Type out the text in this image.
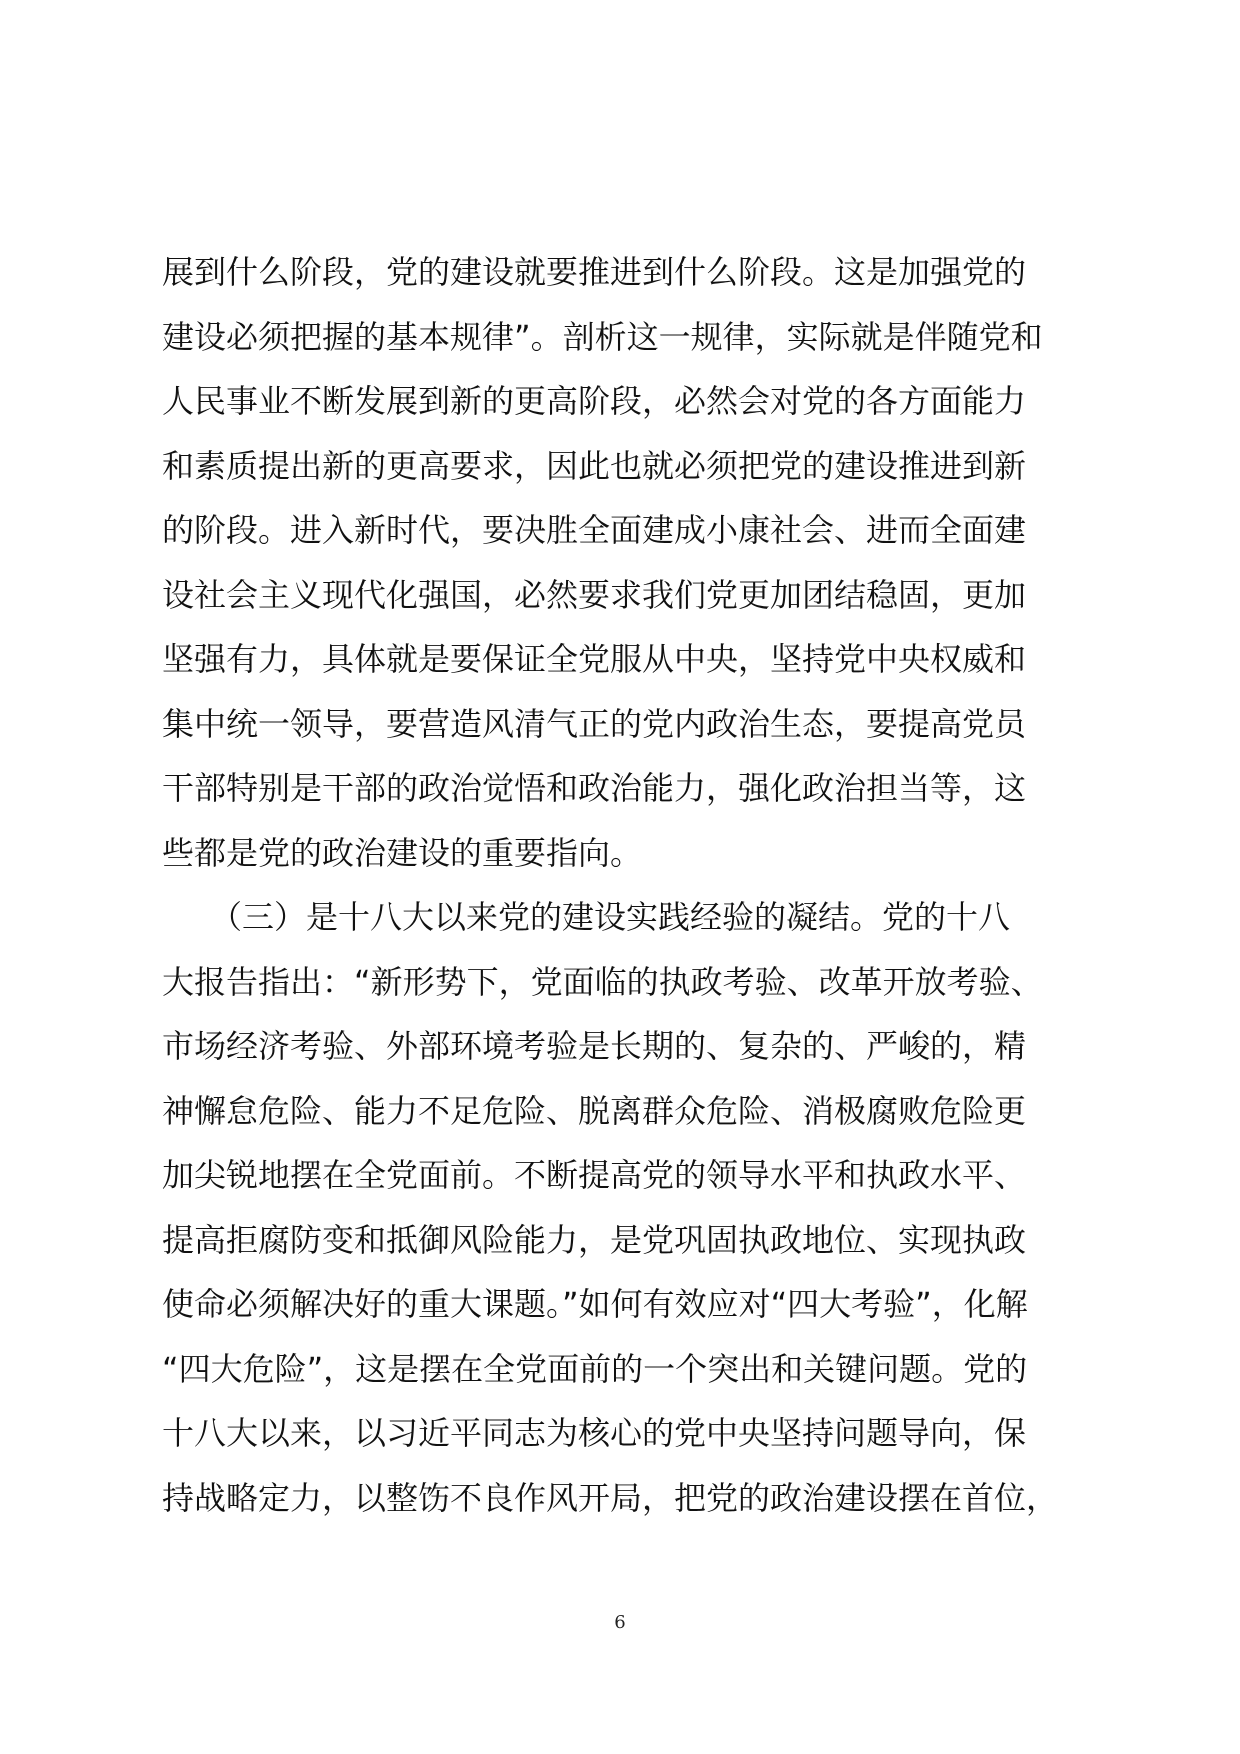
展到什么阶段，党的建设就要推进到什么阶段。这是加强党的
建设必须把握的基本规律”。剖析这一规律，实际就是伴随党和
人民事业不断发展到新的更高阶段，必然会对党的各方面能力
和素质提出新的更高要求，因此也就必须把党的建设推进到新
的阶段。进入新时代，要决胜全面建成小康社会、进而全面建
设社会主义现代化强国，必然要求我们党更加团结稳固，更加
坚强有力，具体就是要保证全党服从中央，坚持党中央权威和
集中统一领导，要营造风清气正的党内政治生态，要提高党员
干部特别是干部的政治觉悟和政治能力，强化政治担当等，这
些都是党的政治建设的重要指向。
　　（三）是十八大以来党的建设实践经验的凝结。党的十八
大报告指出：“新形势下，党面临的执政考验、改革开放考验、
市场经济考验、外部环境考验是长期的、复杂的、严峻的，精
神懈怠危险、能力不足危险、脱离群众危险、消极腐败危险更
加尖锐地摆在全党面前。不断提高党的领导水平和执政水平、
提高拒腐防变和抵御风险能力，是党巩固执政地位、实现执政
使命必须解决好的重大课题。”如何有效应对“四大考验”，化解
“四大危险”，这是摆在全党面前的一个突出和关键问题。党的
十八大以来，以习近平同志为核心的党中央坚持问题导向，保
持战略定力，以整饬不良作风开局，把党的政治建设摆在首位，
6
